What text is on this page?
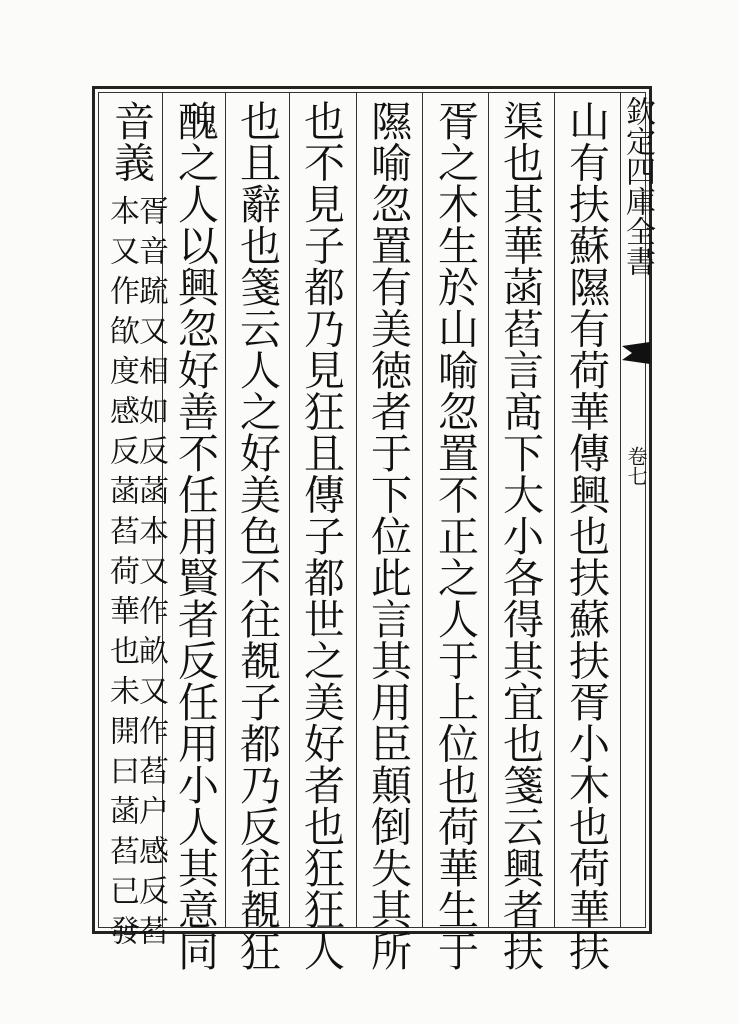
欽定四庫全書
卷七
山有扶蘇隰有荷華傳興也扶蘇扶胥小木也荷華扶
渠也其華菡萏言髙下大小各得其宜也箋云興者扶
胥之木生於山喻忽置不正之人于上位也荷華生于
隰喻忽置有美徳者于下位此言其用臣顛倒失其所
也不見子都乃見狂且傳子都世之美好者也狂狂人
也且辭也箋云人之好美色不往覩子都乃反往覩狂
醜之人以興忽好善不任用賢者反任用小人其意同
音義
胥音䟽又相如反菡本又作畝又作萏户感反萏
本又作欿度感反菡萏荷華也未開曰菡萏已發
